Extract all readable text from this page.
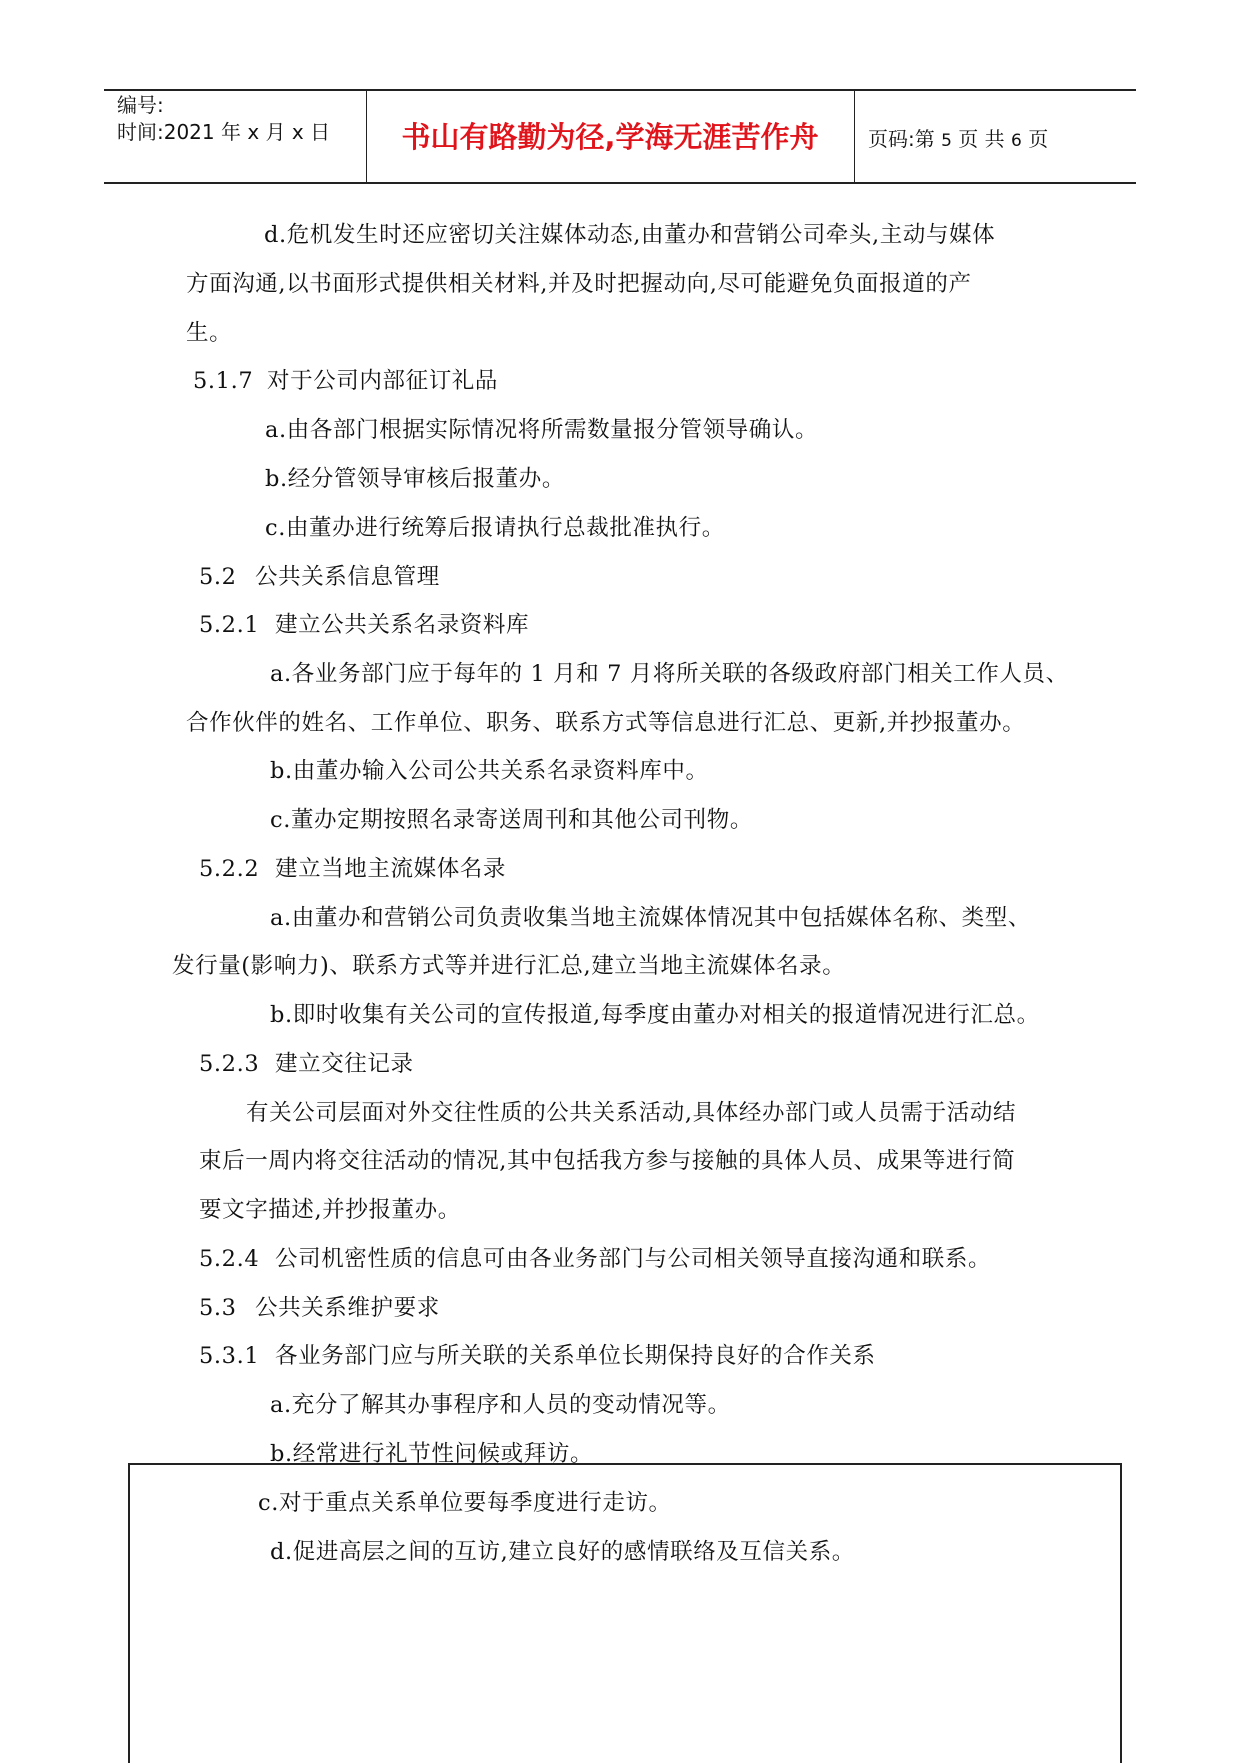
编号:
时间:2021 年 x 月 x 日	书山有路勤为径,学海无涯苦作舟	页码:第 5 页 共 6 页
d.危机发生时还应密切关注媒体动态,由董办和营销公司牵头,主动与媒体
方面沟通,以书面形式提供相关材料,并及时把握动向,尽可能避免负面报道的产
生。
5.1.7 对于公司内部征订礼品
a.由各部门根据实际情况将所需数量报分管领导确认。
b.经分管领导审核后报董办。
c.由董办进行统筹后报请执行总裁批准执行。
5.2 公共关系信息管理
5.2.1 建立公共关系名录资料库
a.各业务部门应于每年的 1 月和 7 月将所关联的各级政府部门相关工作人员、
合作伙伴的姓名、工作单位、职务、联系方式等信息进行汇总、更新,并抄报董办。
b.由董办输入公司公共关系名录资料库中。
c.董办定期按照名录寄送周刊和其他公司刊物。
5.2.2 建立当地主流媒体名录
a.由董办和营销公司负责收集当地主流媒体情况其中包括媒体名称、类型、
发行量(影响力)、联系方式等并进行汇总,建立当地主流媒体名录。
b.即时收集有关公司的宣传报道,每季度由董办对相关的报道情况进行汇总。
5.2.3 建立交往记录
有关公司层面对外交往性质的公共关系活动,具体经办部门或人员需于活动结
束后一周内将交往活动的情况,其中包括我方参与接触的具体人员、成果等进行简
要文字描述,并抄报董办。
5.2.4 公司机密性质的信息可由各业务部门与公司相关领导直接沟通和联系。
5.3 公共关系维护要求
5.3.1 各业务部门应与所关联的关系单位长期保持良好的合作关系
a.充分了解其办事程序和人员的变动情况等。
b.经常进行礼节性问候或拜访。
c.对于重点关系单位要每季度进行走访。
d.促进高层之间的互访,建立良好的感情联络及互信关系。
